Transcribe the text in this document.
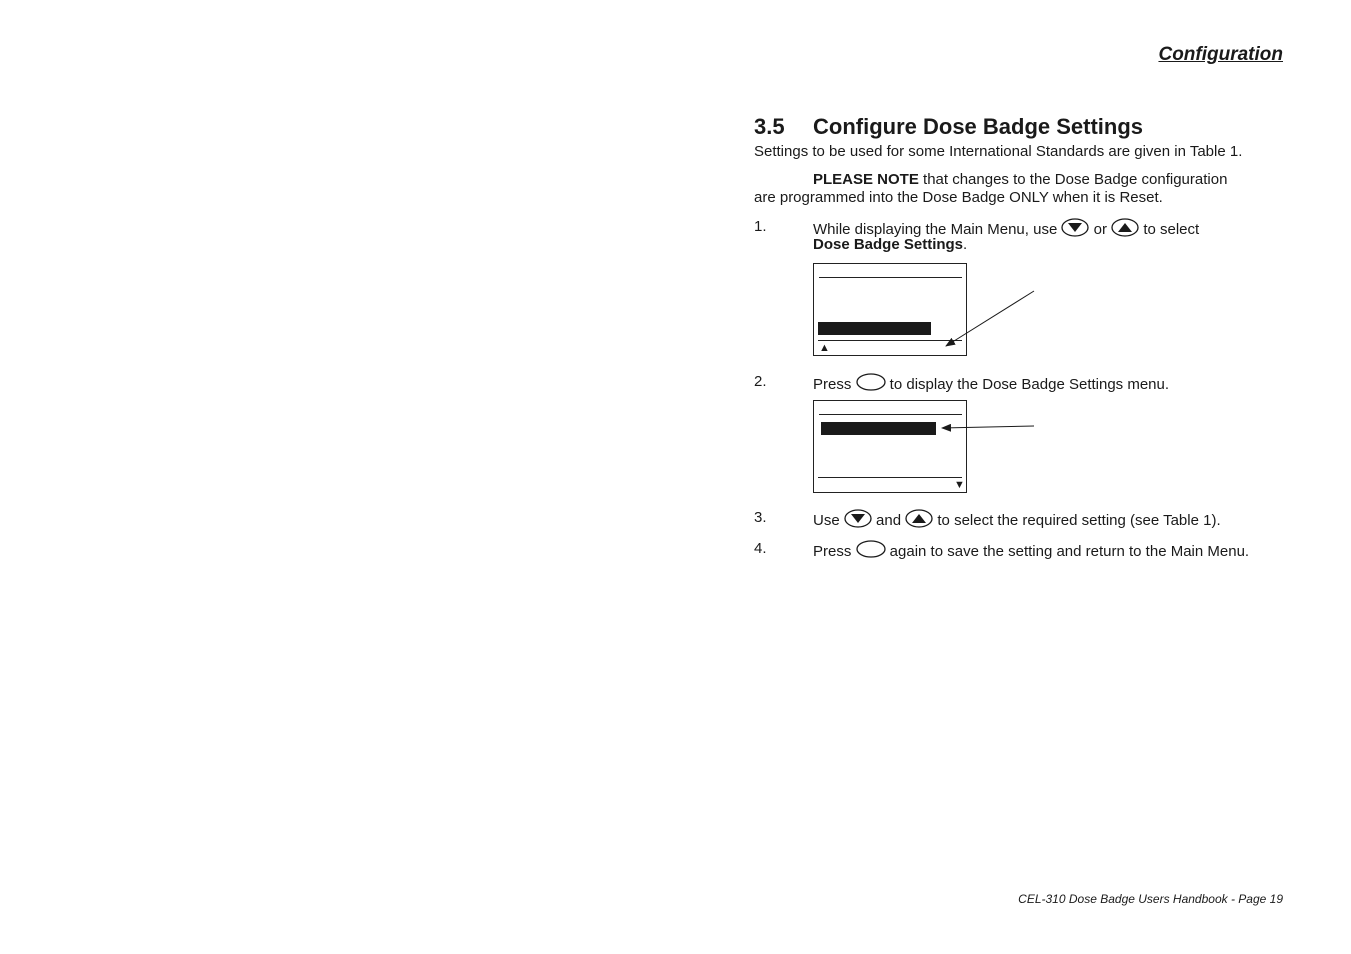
Configuration
3.5	Configure Dose Badge Settings

Settings to be used for some International Standards are given in Table 1.

PLEASE NOTE that changes to the Dose Badge configuration
are programmed into the Dose Badge ONLY when it is Reset.

1.	While displaying the Main Menu, use  or  to select
Dose Badge Settings.
▲
2.	Press  to display the Dose Badge Settings menu.
▼
3.	Use  and  to select the required setting (see Table 1).
4.	Press  again to save the setting and return to the Main Menu.
CEL-310 Dose Badge Users Handbook - Page 19
